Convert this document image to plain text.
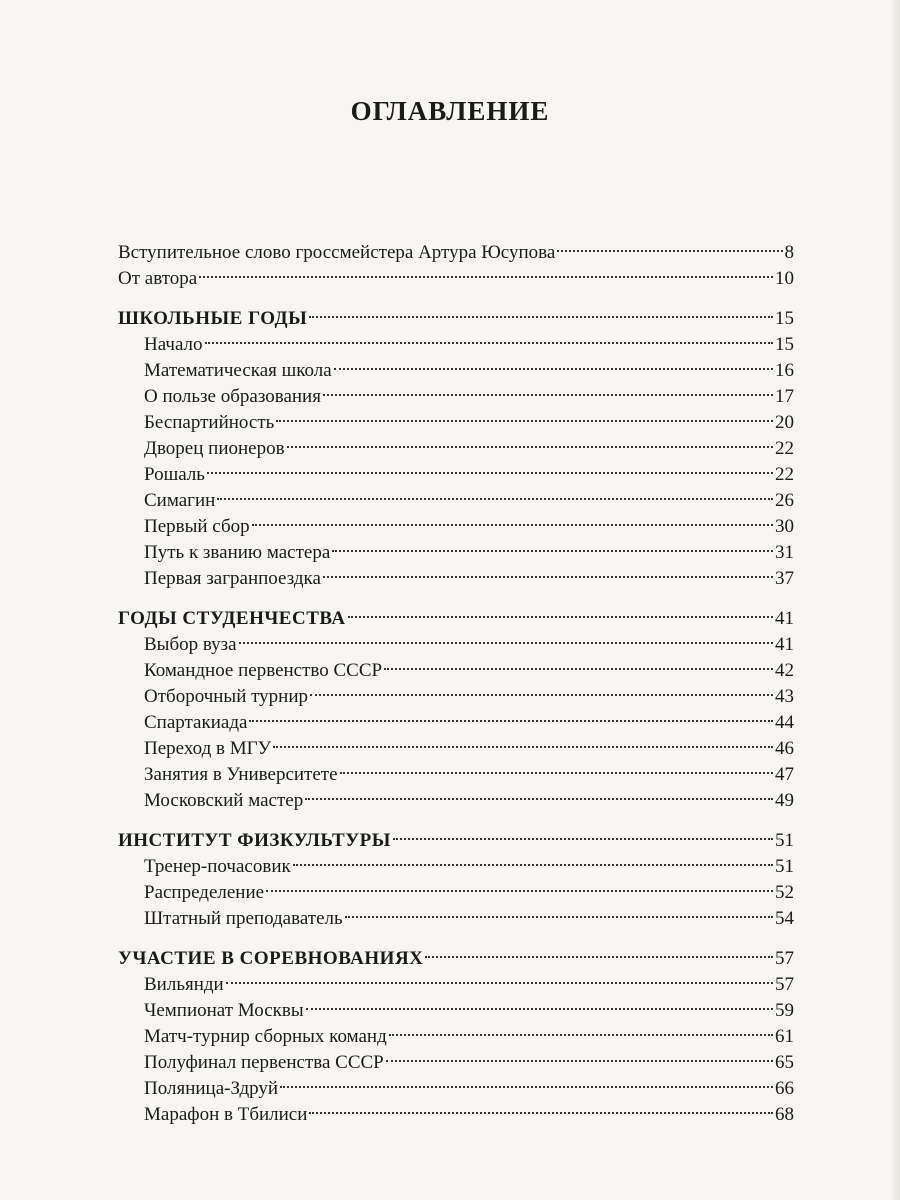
ОГЛАВЛЕНИЕ
Вступительное слово гроссмейстера Артура Юсупова	8
От автора	10
ШКОЛЬНЫЕ ГОДЫ	15
Начало	15
Математическая школа	16
О пользе образования	17
Беспартийность	20
Дворец пионеров	22
Рошаль	22
Симагин	26
Первый сбор	30
Путь к званию мастера	31
Первая загранпоездка	37
ГОДЫ СТУДЕНЧЕСТВА	41
Выбор вуза	41
Командное первенство СССР	42
Отборочный турнир	43
Спартакиада	44
Переход в МГУ	46
Занятия в Университете	47
Московский мастер	49
ИНСТИТУТ ФИЗКУЛЬТУРЫ	51
Тренер-почасовик	51
Распределение	52
Штатный преподаватель	54
УЧАСТИЕ В СОРЕВНОВАНИЯХ	57
Вильянди	57
Чемпионат Москвы	59
Матч-турнир сборных команд	61
Полуфинал первенства СССР	65
Поляница-Здруй	66
Марафон в Тбилиси	68
